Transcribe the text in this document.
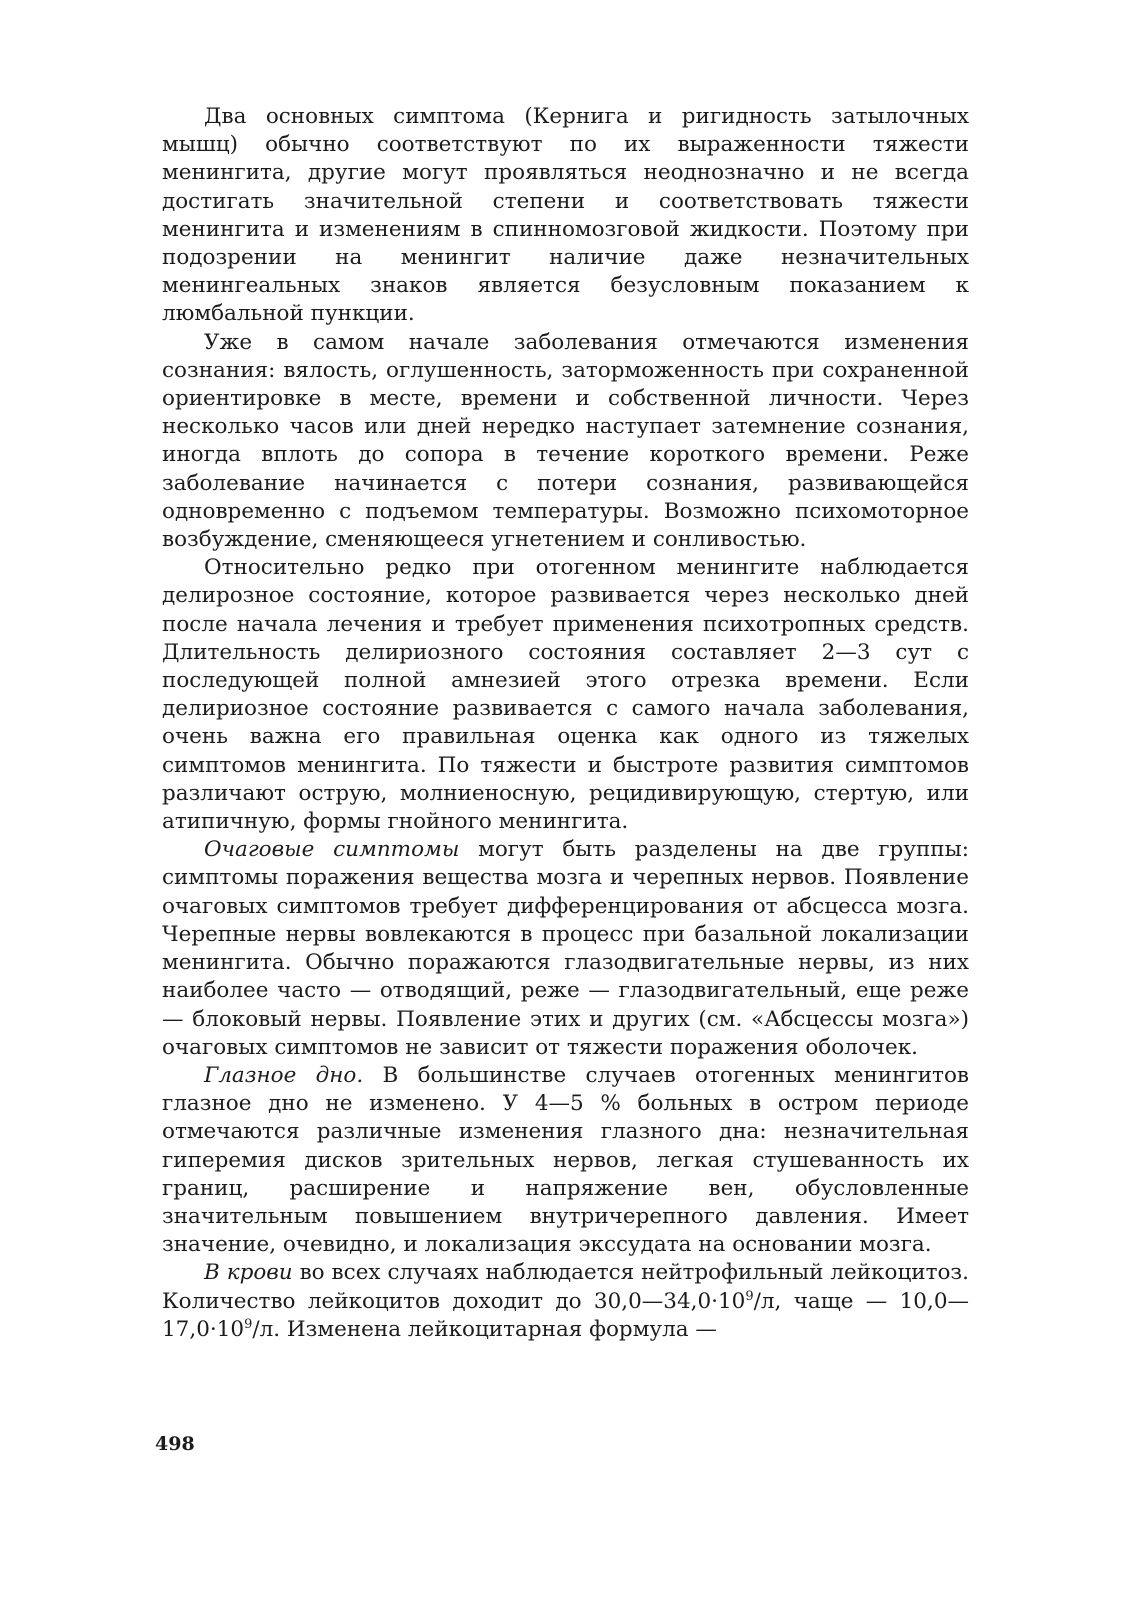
Два основных симптома (Кернига и ригидность затылочных мышц) обычно соответствуют по их выраженности тяжести менингита, другие могут проявляться неоднозначно и не всегда достигать значительной степени и соответствовать тяжести менингита и изменениям в спинномозговой жидкости. Поэтому при подозрении на менингит наличие даже незначительных менингеальных знаков является безусловным показанием к люмбальной пункции.

Уже в самом начале заболевания отмечаются изменения сознания: вялость, оглушенность, заторможенность при сохраненной ориентировке в месте, времени и собственной личности. Через несколько часов или дней нередко наступает затемнение сознания, иногда вплоть до сопора в течение короткого времени. Реже заболевание начинается с потери сознания, развивающейся одновременно с подъемом температуры. Возможно психомоторное возбуждение, сменяющееся угнетением и сонливостью.

Относительно редко при отогенном менингите наблюдается делирозное состояние, которое развивается через несколько дней после начала лечения и требует применения психотропных средств. Длительность делириозного состояния составляет 2—3 сут с последующей полной амнезией этого отрезка времени. Если делириозное состояние развивается с самого начала заболевания, очень важна его правильная оценка как одного из тяжелых симптомов менингита. По тяжести и быстроте развития симптомов различают острую, молниеносную, рецидивирующую, стертую, или атипичную, формы гнойного менингита.

Очаговые симптомы могут быть разделены на две группы: симптомы поражения вещества мозга и черепных нервов. Появление очаговых симптомов требует дифференцирования от абсцесса мозга. Черепные нервы вовлекаются в процесс при базальной локализации менингита. Обычно поражаются глазодвигательные нервы, из них наиболее часто — отводящий, реже — глазодвигательный, еще реже — блоковый нервы. Появление этих и других (см. «Абсцессы мозга») очаговых симптомов не зависит от тяжести поражения оболочек.

Глазное дно. В большинстве случаев отогенных менингитов глазное дно не изменено. У 4—5 % больных в остром периоде отмечаются различные изменения глазного дна: незначительная гиперемия дисков зрительных нервов, легкая стушеванность их границ, расширение и напряжение вен, обусловленные значительным повышением внутричерепного давления. Имеет значение, очевидно, и локализация экссудата на основании мозга.

В крови во всех случаях наблюдается нейтрофильный лейкоцитоз. Количество лейкоцитов доходит до $30,0—34,0\cdot 10^9/л$, чаще — $10,0—17,0\cdot 10^9/л$. Изменена лейкоцитарная формула —

498
